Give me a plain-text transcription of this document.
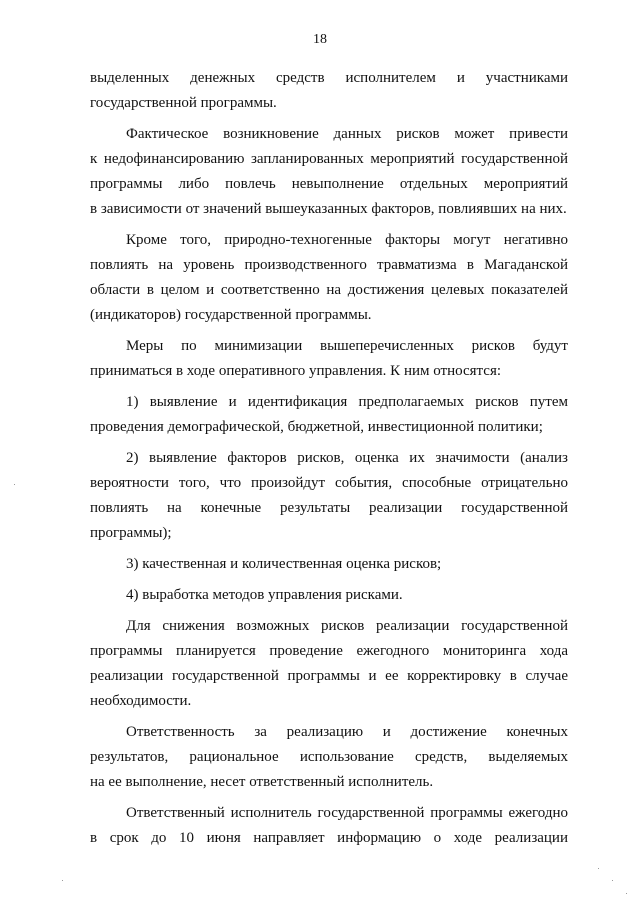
18
выделенных денежных средств исполнителем и участниками
государственной программы.
Фактическое возникновение данных рисков может привести
к недофинансированию запланированных мероприятий государственной
программы либо повлечь невыполнение отдельных мероприятий
в зависимости от значений вышеуказанных факторов, повлиявших на них.
Кроме того, природно-техногенные факторы могут негативно
повлиять на уровень производственного травматизма в Магаданской
области в целом и соответственно на достижения целевых показателей
(индикаторов) государственной программы.
Меры по минимизации вышеперечисленных рисков будут
приниматься в ходе оперативного управления. К ним относятся:
1) выявление и идентификация предполагаемых рисков путем
проведения демографической, бюджетной, инвестиционной политики;
2) выявление факторов рисков, оценка их значимости (анализ
вероятности того, что произойдут события, способные отрицательно
повлиять на конечные результаты реализации государственной
программы);
3) качественная и количественная оценка рисков;
4) выработка методов управления рисками.
Для снижения возможных рисков реализации государственной
программы планируется проведение ежегодного мониторинга хода
реализации государственной программы и ее корректировку в случае
необходимости.
Ответственность за реализацию и достижение конечных
результатов, рациональное использование средств, выделяемых
на ее выполнение, несет ответственный исполнитель.
Ответственный исполнитель государственной программы ежегодно
в срок до 10 июня направляет информацию о ходе реализации
